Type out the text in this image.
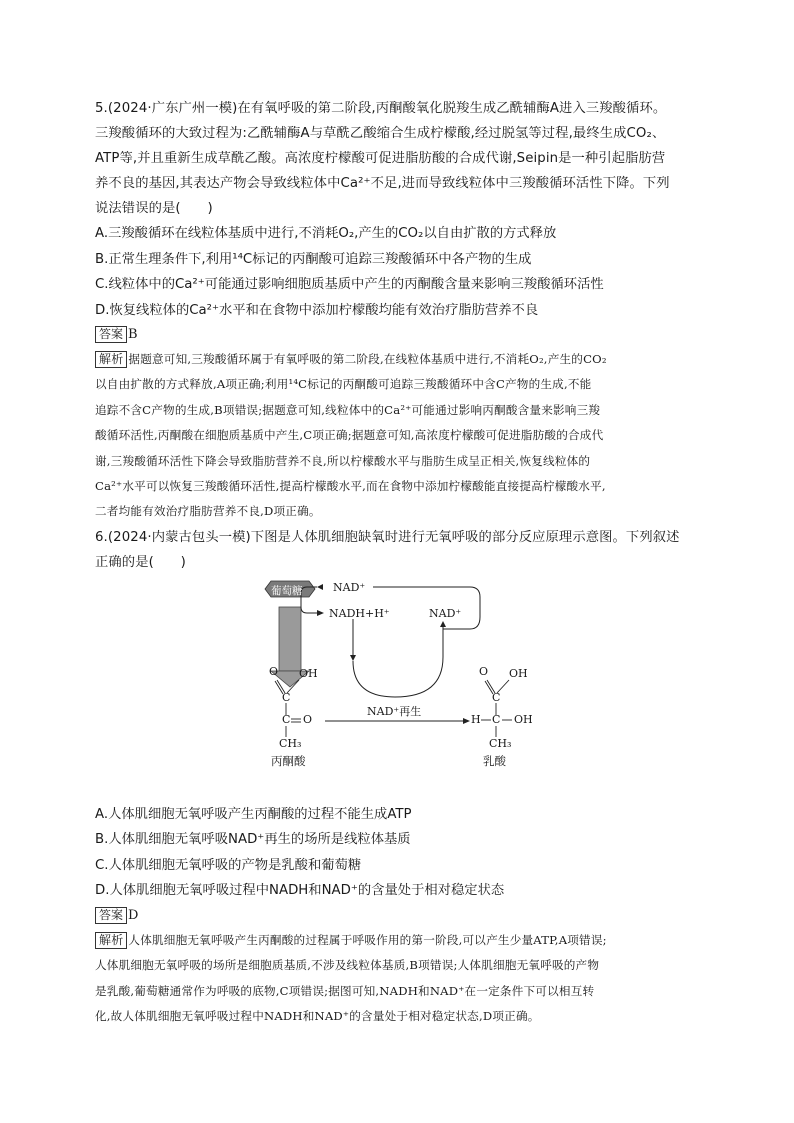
5.(2024·广东广州一模)在有氧呼吸的第二阶段,丙酮酸氧化脱羧生成乙酰辅酶A进入三羧酸循环。
三羧酸循环的大致过程为:乙酰辅酶A与草酰乙酸缩合生成柠檬酸,经过脱氢等过程,最终生成CO₂、
ATP等,并且重新生成草酰乙酸。高浓度柠檬酸可促进脂肪酸的合成代谢,Seipin是一种引起脂肪营
养不良的基因,其表达产物会导致线粒体中Ca²⁺不足,进而导致线粒体中三羧酸循环活性下降。下列
说法错误的是(　　)
A.三羧酸循环在线粒体基质中进行,不消耗O₂,产生的CO₂以自由扩散的方式释放
B.正常生理条件下,利用¹⁴C标记的丙酮酸可追踪三羧酸循环中各产物的生成
C.线粒体中的Ca²⁺可能通过影响细胞质基质中产生的丙酮酸含量来影响三羧酸循环活性
D.恢复线粒体的Ca²⁺水平和在食物中添加柠檬酸均能有效治疗脂肪营养不良
答案 B
解析 据题意可知,三羧酸循环属于有氧呼吸的第二阶段,在线粒体基质中进行,不消耗O₂,产生的CO₂
以自由扩散的方式释放,A项正确;利用¹⁴C标记的丙酮酸可追踪三羧酸循环中含C产物的生成,不能
追踪不含C产物的生成,B项错误;据题意可知,线粒体中的Ca²⁺可能通过影响丙酮酸含量来影响三羧
酸循环活性,丙酮酸在细胞质基质中产生,C项正确;据题意可知,高浓度柠檬酸可促进脂肪酸的合成代
谢,三羧酸循环活性下降会导致脂肪营养不良,所以柠檬酸水平与脂肪生成呈正相关,恢复线粒体的
Ca²⁺水平可以恢复三羧酸循环活性,提高柠檬酸水平,而在食物中添加柠檬酸能直接提高柠檬酸水平,
二者均能有效治疗脂肪营养不良,D项正确。
6.(2024·内蒙古包头一模)下图是人体肌细胞缺氧时进行无氧呼吸的部分反应原理示意图。下列叙述
正确的是(　　)
葡萄糖	NAD⁺
NADH+H⁺	NAD⁺
NAD⁺再生
O OH
C
C O
CH₃
丙酮酸
O OH
C
H C OH
CH₃
乳酸
A.人体肌细胞无氧呼吸产生丙酮酸的过程不能生成ATP
B.人体肌细胞无氧呼吸NAD⁺再生的场所是线粒体基质
C.人体肌细胞无氧呼吸的产物是乳酸和葡萄糖
D.人体肌细胞无氧呼吸过程中NADH和NAD⁺的含量处于相对稳定状态
答案 D
解析 人体肌细胞无氧呼吸产生丙酮酸的过程属于呼吸作用的第一阶段,可以产生少量ATP,A项错误;
人体肌细胞无氧呼吸的场所是细胞质基质,不涉及线粒体基质,B项错误;人体肌细胞无氧呼吸的产物
是乳酸,葡萄糖通常作为呼吸的底物,C项错误;据图可知,NADH和NAD⁺在一定条件下可以相互转
化,故人体肌细胞无氧呼吸过程中NADH和NAD⁺的含量处于相对稳定状态,D项正确。
